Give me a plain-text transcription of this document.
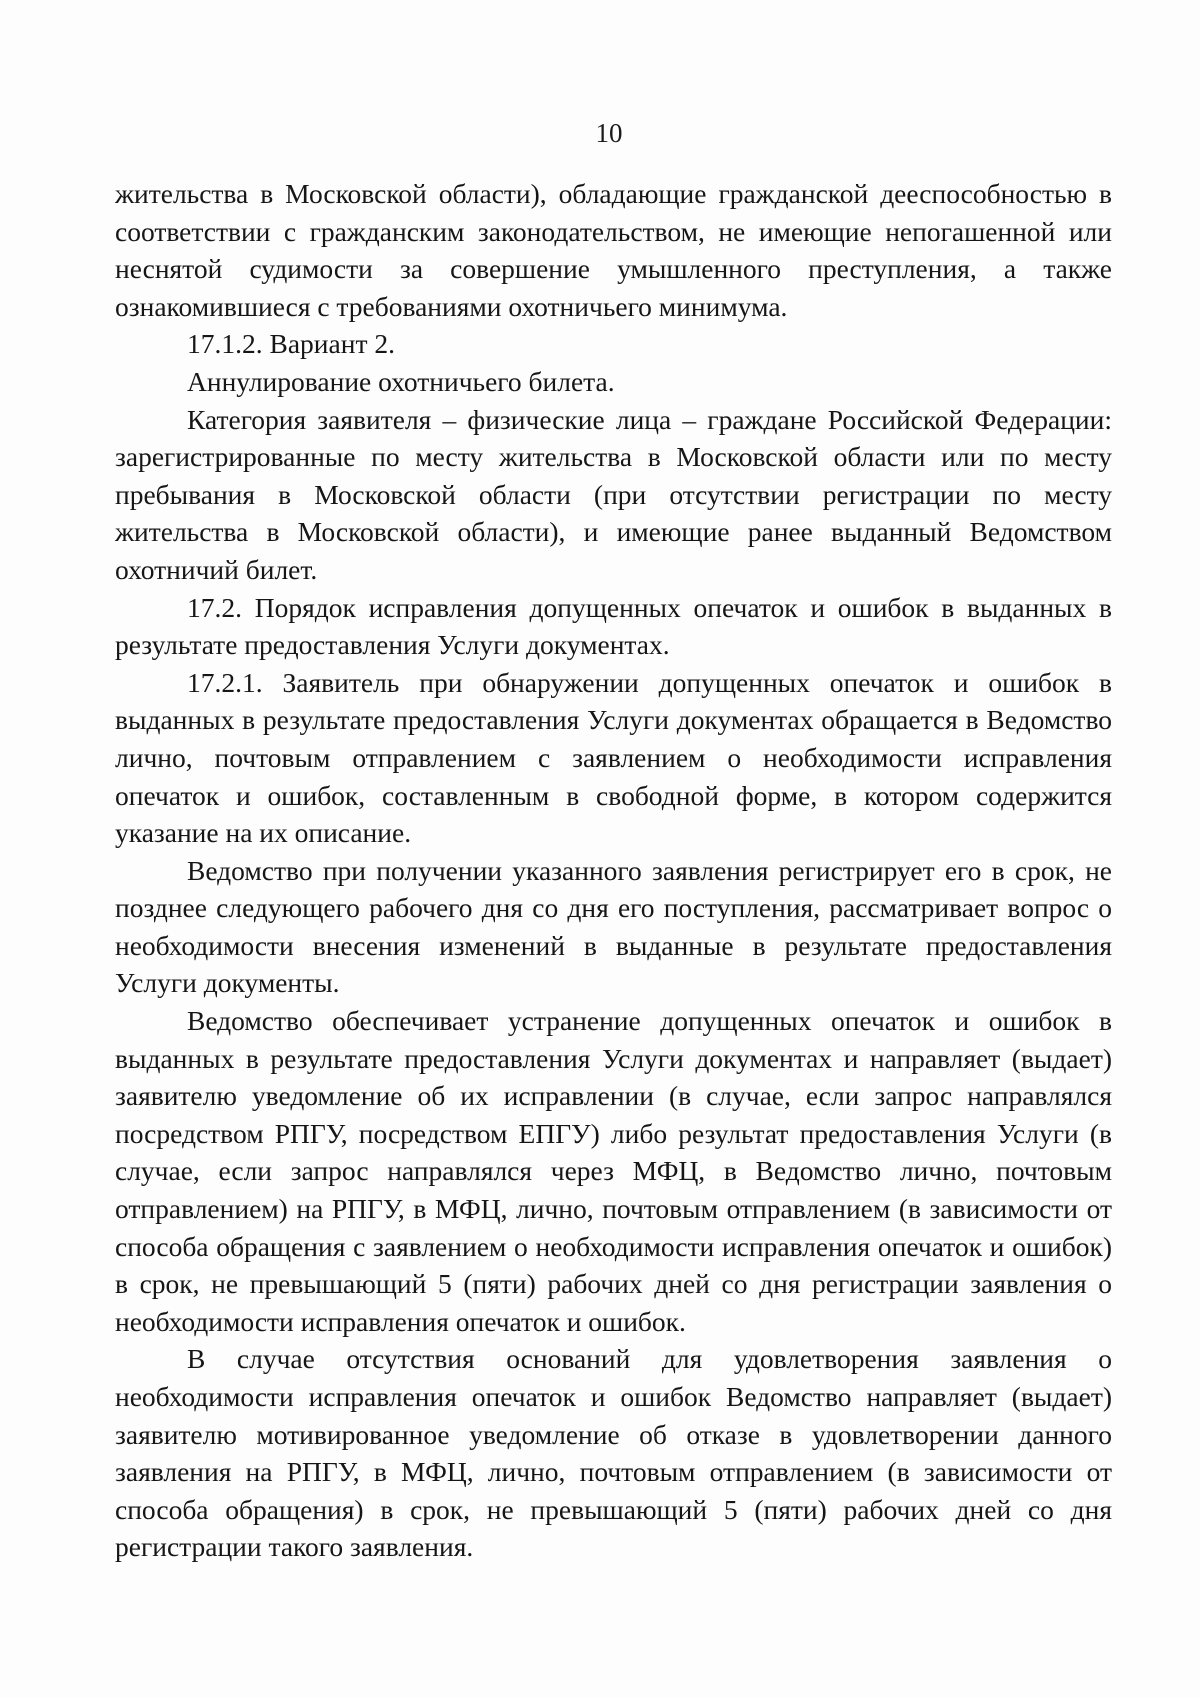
10

жительства в Московской области), обладающие гражданской дееспособностью в соответствии с гражданским законодательством, не имеющие непогашенной или неснятой судимости за совершение умышленного преступления, а также ознакомившиеся с требованиями охотничьего минимума.

17.1.2. Вариант 2.

Аннулирование охотничьего билета.

Категория заявителя – физические лица – граждане Российской Федерации: зарегистрированные по месту жительства в Московской области или по месту пребывания в Московской области (при отсутствии регистрации по месту жительства в Московской области), и имеющие ранее выданный Ведомством охотничий билет.

17.2. Порядок исправления допущенных опечаток и ошибок в выданных в результате предоставления Услуги документах.

17.2.1. Заявитель при обнаружении допущенных опечаток и ошибок в выданных в результате предоставления Услуги документах обращается в Ведомство лично, почтовым отправлением с заявлением о необходимости исправления опечаток и ошибок, составленным в свободной форме, в котором содержится указание на их описание.

Ведомство при получении указанного заявления регистрирует его в срок, не позднее следующего рабочего дня со дня его поступления, рассматривает вопрос о необходимости внесения изменений в выданные в результате предоставления Услуги документы.

Ведомство обеспечивает устранение допущенных опечаток и ошибок в выданных в результате предоставления Услуги документах и направляет (выдает) заявителю уведомление об их исправлении (в случае, если запрос направлялся посредством РПГУ, посредством ЕПГУ) либо результат предоставления Услуги (в случае, если запрос направлялся через МФЦ, в Ведомство лично, почтовым отправлением) на РПГУ, в МФЦ, лично, почтовым отправлением (в зависимости от способа обращения с заявлением о необходимости исправления опечаток и ошибок) в срок, не превышающий 5 (пяти) рабочих дней со дня регистрации заявления о необходимости исправления опечаток и ошибок.

В случае отсутствия оснований для удовлетворения заявления о необходимости исправления опечаток и ошибок Ведомство направляет (выдает) заявителю мотивированное уведомление об отказе в удовлетворении данного заявления на РПГУ, в МФЦ, лично, почтовым отправлением (в зависимости от способа обращения) в срок, не превышающий 5 (пяти) рабочих дней со дня регистрации такого заявления.
